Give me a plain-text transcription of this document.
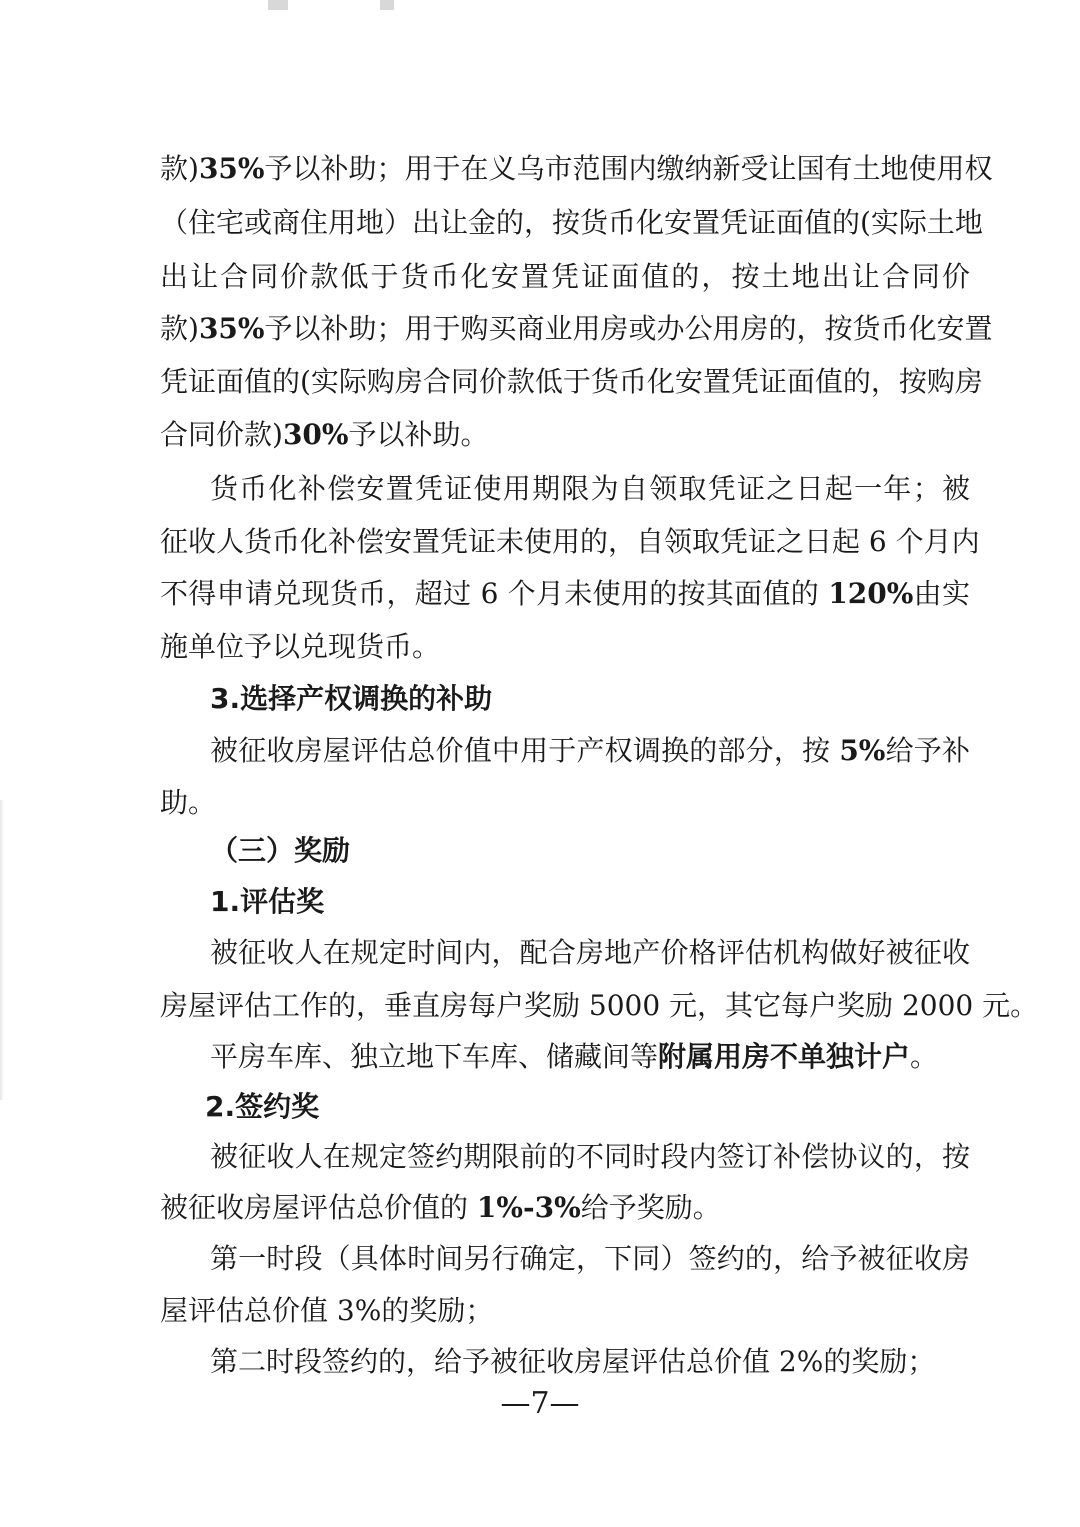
款)35%予以补助；用于在义乌市范围内缴纳新受让国有土地使用权
（住宅或商住用地）出让金的，按货币化安置凭证面值的(实际土地
出让合同价款低于货币化安置凭证面值的，按土地出让合同价
款)35%予以补助；用于购买商业用房或办公用房的，按货币化安置
凭证面值的(实际购房合同价款低于货币化安置凭证面值的，按购房
合同价款)30%予以补助。
货币化补偿安置凭证使用期限为自领取凭证之日起一年；被
征收人货币化补偿安置凭证未使用的，自领取凭证之日起 6 个月内
不得申请兑现货币，超过 6 个月未使用的按其面值的 120%由实
施单位予以兑现货币。
3.选择产权调换的补助
被征收房屋评估总价值中用于产权调换的部分，按 5%给予补
助。
（三）奖励
1.评估奖
被征收人在规定时间内，配合房地产价格评估机构做好被征收
房屋评估工作的，垂直房每户奖励 5000 元，其它每户奖励 2000 元。
平房车库、独立地下车库、储藏间等附属用房不单独计户。
2.签约奖
被征收人在规定签约期限前的不同时段内签订补偿协议的，按
被征收房屋评估总价值的 1%-3%给予奖励。
第一时段（具体时间另行确定，下同）签约的，给予被征收房
屋评估总价值 3%的奖励；
第二时段签约的，给予被征收房屋评估总价值 2%的奖励；
—7—
